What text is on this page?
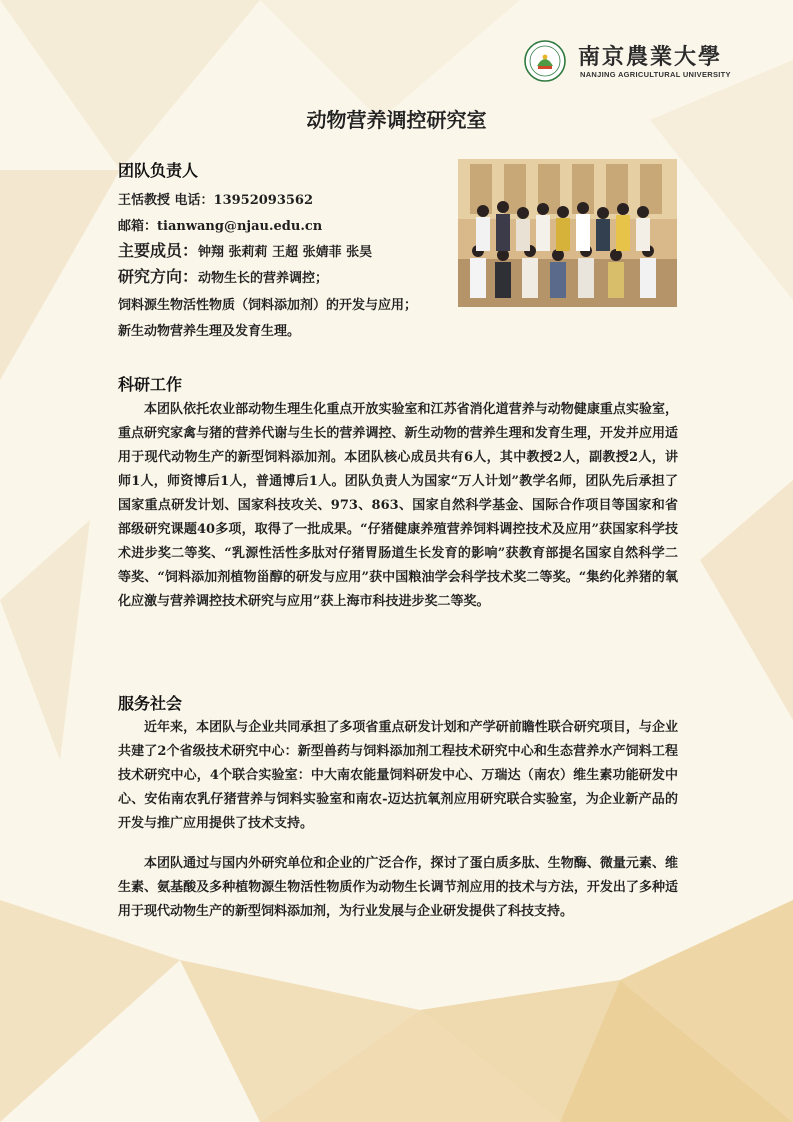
南京農業大學
NANJING AGRICULTURAL UNIVERSITY
动物营养调控研究室
团队负责人
王恬教授 电话：13952093562
邮箱：tianwang@njau.edu.cn
主要成员：钟翔 张莉莉 王超 张婧菲 张昊
研究方向：动物生长的营养调控；
饲料源生物活性物质（饲料添加剂）的开发与应用；
新生动物营养生理及发育生理。
科研工作

本团队依托农业部动物生理生化重点开放实验室和江苏省消化道营养与动物健康重点实验室，重点研究家禽与猪的营养代谢与生长的营养调控、新生动物的营养生理和发育生理，开发并应用适用于现代动物生产的新型饲料添加剂。本团队核心成员共有6人，其中教授2人，副教授2人，讲师1人，师资博后1人，普通博后1人。团队负责人为国家“万人计划”教学名师，团队先后承担了国家重点研发计划、国家科技攻关、973、863、国家自然科学基金、国际合作项目等国家和省部级研究课题40多项，取得了一批成果。“仔猪健康养殖营养饲料调控技术及应用”获国家科学技术进步奖二等奖、“乳源性活性多肽对仔猪胃肠道生长发育的影响”获教育部提名国家自然科学二等奖、“饲料添加剂植物甾醇的研发与应用”获中国粮油学会科学技术奖二等奖。“集约化养猪的氧化应激与营养调控技术研究与应用”获上海市科技进步奖二等奖。

服务社会

近年来，本团队与企业共同承担了多项省重点研发计划和产学研前瞻性联合研究项目，与企业共建了2个省级技术研究中心：新型兽药与饲料添加剂工程技术研究中心和生态营养水产饲料工程技术研究中心，4个联合实验室：中大南农能量饲料研发中心、万瑞达（南农）维生素功能研发中心、安佑南农乳仔猪营养与饲料实验室和南农-迈达抗氧剂应用研究联合实验室，为企业新产品的开发与推广应用提供了技术支持。

本团队通过与国内外研究单位和企业的广泛合作，探讨了蛋白质多肽、生物酶、微量元素、维生素、氨基酸及多种植物源生物活性物质作为动物生长调节剂应用的技术与方法，开发出了多种适用于现代动物生产的新型饲料添加剂，为行业发展与企业研发提供了科技支持。
